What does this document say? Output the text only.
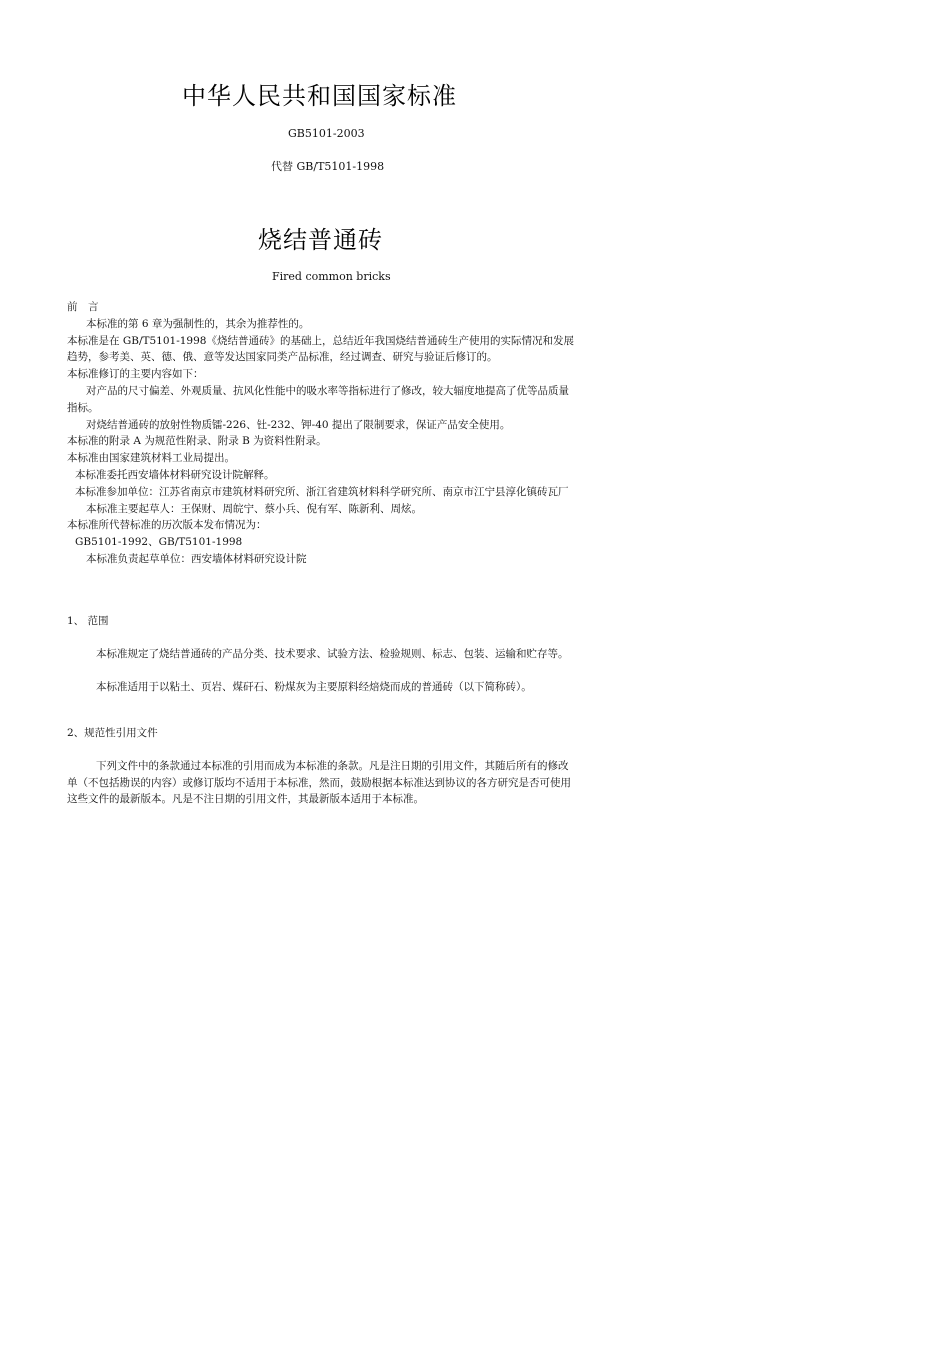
中华人民共和国国家标准
GB5101-2003
代替 GB/T5101-1998
烧结普通砖
Fired common bricks

前　言

本标准的第 6 章为强制性的，其余为推荐性的。

本标准是在 GB/T5101-1998《烧结普通砖》的基础上，总结近年我国烧结普通砖生产使用的实际情况和发展趋势，参考美、英、德、俄、意等发达国家同类产品标准，经过调查、研究与验证后修订的。

本标准修订的主要内容如下：

对产品的尺寸偏差、外观质量、抗风化性能中的吸水率等指标进行了修改，较大辐度地提高了优等品质量指标。

对烧结普通砖的放射性物质镭-226、钍-232、钾-40 提出了限制要求，保证产品安全使用。

本标准的附录 A 为规范性附录、附录 B 为资料性附录。

本标准由国家建筑材料工业局提出。

本标准委托西安墙体材料研究设计院解释。

本标准参加单位：江苏省南京市建筑材料研究所、浙江省建筑材料科学研究所、南京市江宁县淳化镇砖瓦厂

本标准主要起草人：王保财、周皖宁、蔡小兵、倪有军、陈新利、周炫。

本标准所代替标准的历次版本发布情况为：

GB5101-1992、GB/T5101-1998

本标准负责起草单位：西安墙体材料研究设计院

1、 范围

本标准规定了烧结普通砖的产品分类、技术要求、试验方法、检验规则、标志、包装、运输和贮存等。

本标准适用于以粘土、页岩、煤矸石、粉煤灰为主要原料经焙烧而成的普通砖（以下简称砖）。

2、规范性引用文件

下列文件中的条款通过本标准的引用而成为本标准的条款。凡是注日期的引用文件，其随后所有的修改单（不包括勘误的内容）或修订版均不适用于本标准，然而，鼓励根据本标准达到协议的各方研究是否可使用这些文件的最新版本。凡是不注日期的引用文件，其最新版本适用于本标准。
